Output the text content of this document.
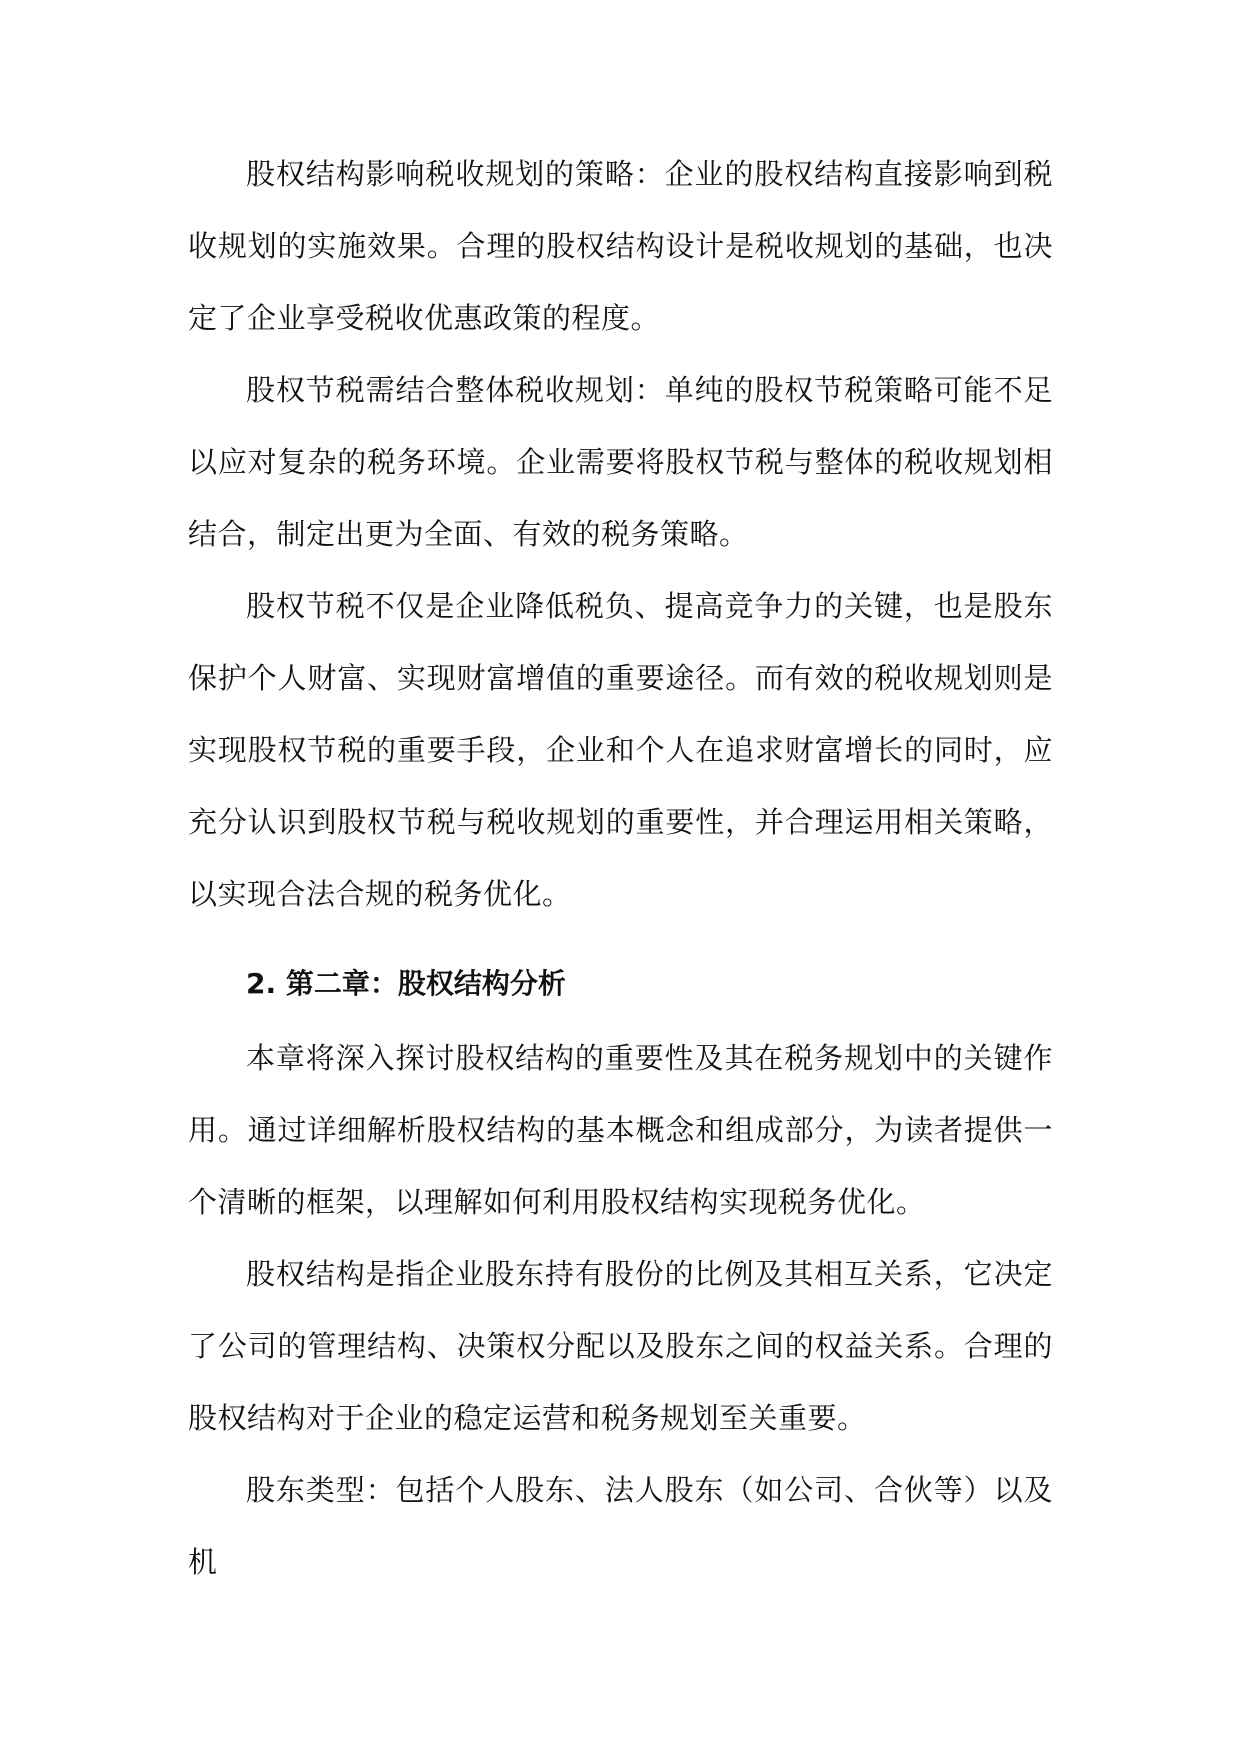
股权结构影响税收规划的策略：企业的股权结构直接影响到税收规划的实施效果。合理的股权结构设计是税收规划的基础，也决定了企业享受税收优惠政策的程度。

股权节税需结合整体税收规划：单纯的股权节税策略可能不足以应对复杂的税务环境。企业需要将股权节税与整体的税收规划相结合，制定出更为全面、有效的税务策略。

股权节税不仅是企业降低税负、提高竞争力的关键，也是股东保护个人财富、实现财富增值的重要途径。而有效的税收规划则是实现股权节税的重要手段，企业和个人在追求财富增长的同时，应充分认识到股权节税与税收规划的重要性，并合理运用相关策略，以实现合法合规的税务优化。

2. 第二章：股权结构分析

本章将深入探讨股权结构的重要性及其在税务规划中的关键作用。通过详细解析股权结构的基本概念和组成部分，为读者提供一个清晰的框架，以理解如何利用股权结构实现税务优化。

股权结构是指企业股东持有股份的比例及其相互关系，它决定了公司的管理结构、决策权分配以及股东之间的权益关系。合理的股权结构对于企业的稳定运营和税务规划至关重要。

股东类型：包括个人股东、法人股东（如公司、合伙等）以及机
